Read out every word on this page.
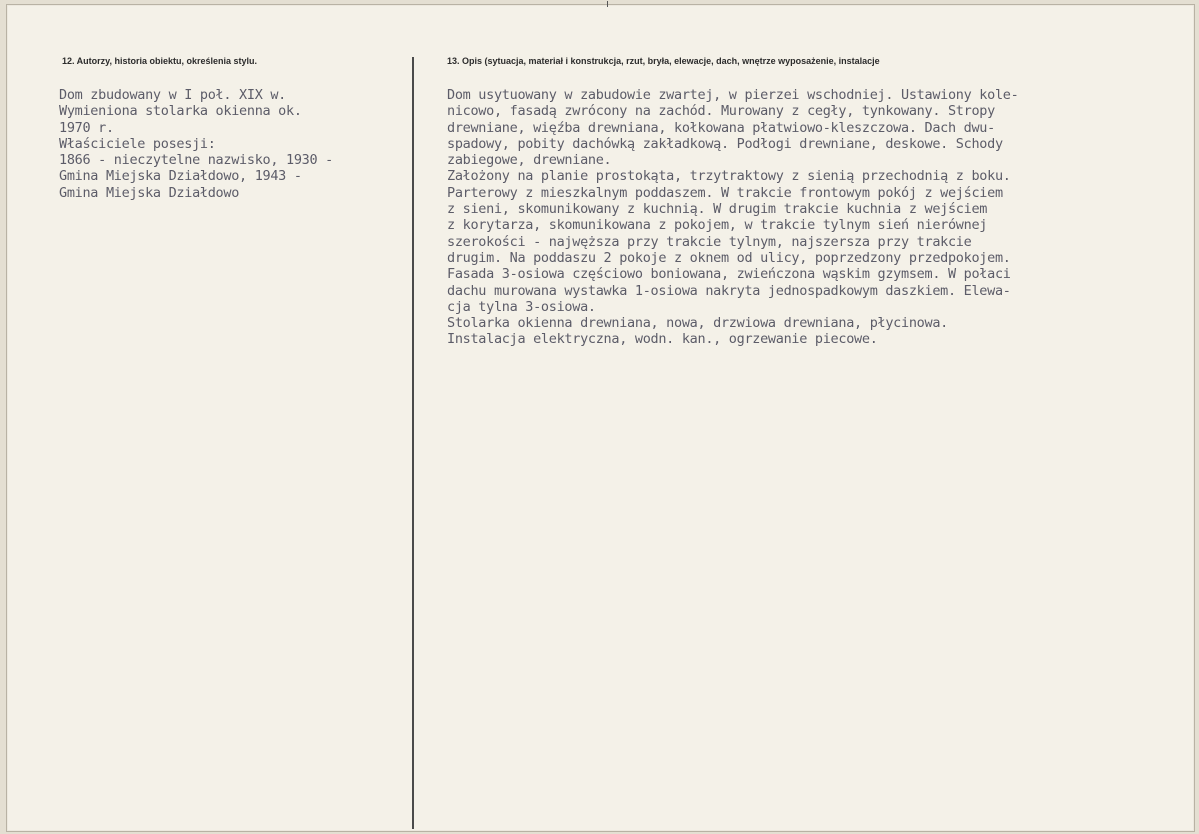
12. Autorzy, historia obiektu, określenia stylu.	13. Opis (sytuacja, materiał i konstrukcja, rzut, bryła, elewacje, dach, wnętrze wyposażenie, instalacje
Dom zbudowany w I poł. XIX w.
Wymieniona stolarka okienna ok.
1970 r.
Właściciele posesji:
1866 - nieczytelne nazwisko, 1930 -
Gmina Miejska Działdowo, 1943 -
Gmina Miejska Działdowo
Dom usytuowany w zabudowie zwartej, w pierzei wschodniej. Ustawiony kole-
nicowo, fasadą zwrócony na zachód. Murowany z cegły, tynkowany. Stropy
drewniane, więźba drewniana, kołkowana płatwiowo-kleszczowa. Dach dwu-
spadowy, pobity dachówką zakładkową. Podłogi drewniane, deskowe. Schody
zabiegowe, drewniane.
Założony na planie prostokąta, trzytraktowy z sienią przechodnią z boku.
Parterowy z mieszkalnym poddaszem. W trakcie frontowym pokój z wejściem
z sieni, skomunikowany z kuchnią. W drugim trakcie kuchnia z wejściem
z korytarza, skomunikowana z pokojem, w trakcie tylnym sień nierównej
szerokości - najwęższa przy trakcie tylnym, najszersza przy trakcie
drugim. Na poddaszu 2 pokoje z oknem od ulicy, poprzedzony przedpokojem.
Fasada 3-osiowa częściowo boniowana, zwieńczona wąskim gzymsem. W połaci
dachu murowana wystawka 1-osiowa nakryta jednospadkowym daszkiem. Elewa-
cja tylna 3-osiowa.
Stolarka okienna drewniana, nowa, drzwiowa drewniana, płycinowa.
Instalacja elektryczna, wodn. kan., ogrzewanie piecowe.
